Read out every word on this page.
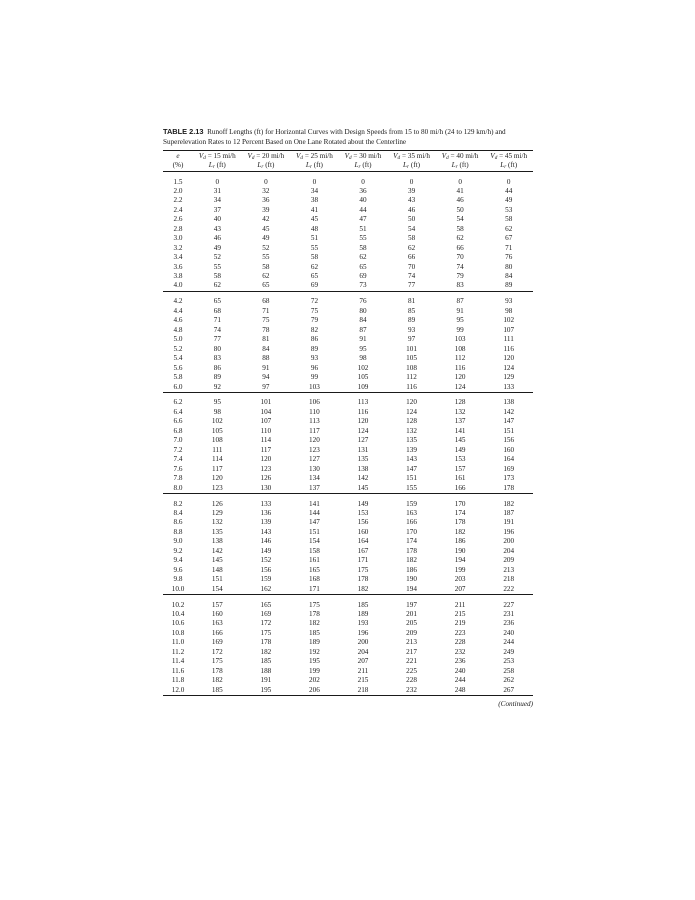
TABLE 2.13 Runoff Lengths (ft) for Horizontal Curves with Design Speeds from 15 to 80 mi/h (24 to 129 km/h) and Superelevation Rates to 12 Percent Based on One Lane Rotated about the Centerline

e	$V_d = 15$ mi/h	$V_d = 20$ mi/h	$V_d = 25$ mi/h	$V_d = 30$ mi/h	$V_d = 35$ mi/h	$V_d = 40$ mi/h	$V_d = 45$ mi/h
(%)	$L_r$ (ft)	$L_r$ (ft)	$L_r$ (ft)	$L_r$ (ft)	$L_r$ (ft)	$L_r$ (ft)	$L_r$ (ft)

1.5	0	0	0	0	0	0	0
2.0	31	32	34	36	39	41	44
2.2	34	36	38	40	43	46	49
2.4	37	39	41	44	46	50	53
2.6	40	42	45	47	50	54	58
2.8	43	45	48	51	54	58	62
3.0	46	49	51	55	58	62	67
3.2	49	52	55	58	62	66	71
3.4	52	55	58	62	66	70	76
3.6	55	58	62	65	70	74	80
3.8	58	62	65	69	74	79	84
4.0	62	65	69	73	77	83	89

4.2	65	68	72	76	81	87	93
4.4	68	71	75	80	85	91	98
4.6	71	75	79	84	89	95	102
4.8	74	78	82	87	93	99	107
5.0	77	81	86	91	97	103	111
5.2	80	84	89	95	101	108	116
5.4	83	88	93	98	105	112	120
5.6	86	91	96	102	108	116	124
5.8	89	94	99	105	112	120	129
6.0	92	97	103	109	116	124	133

6.2	95	101	106	113	120	128	138
6.4	98	104	110	116	124	132	142
6.6	102	107	113	120	128	137	147
6.8	105	110	117	124	132	141	151
7.0	108	114	120	127	135	145	156
7.2	111	117	123	131	139	149	160
7.4	114	120	127	135	143	153	164
7.6	117	123	130	138	147	157	169
7.8	120	126	134	142	151	161	173
8.0	123	130	137	145	155	166	178

8.2	126	133	141	149	159	170	182
8.4	129	136	144	153	163	174	187
8.6	132	139	147	156	166	178	191
8.8	135	143	151	160	170	182	196
9.0	138	146	154	164	174	186	200
9.2	142	149	158	167	178	190	204
9.4	145	152	161	171	182	194	209
9.6	148	156	165	175	186	199	213
9.8	151	159	168	178	190	203	218
10.0	154	162	171	182	194	207	222

10.2	157	165	175	185	197	211	227
10.4	160	169	178	189	201	215	231
10.6	163	172	182	193	205	219	236
10.8	166	175	185	196	209	223	240
11.0	169	178	189	200	213	228	244
11.2	172	182	192	204	217	232	249
11.4	175	185	195	207	221	236	253
11.6	178	188	199	211	225	240	258
11.8	182	191	202	215	228	244	262
12.0	185	195	206	218	232	248	267
(Continued)
